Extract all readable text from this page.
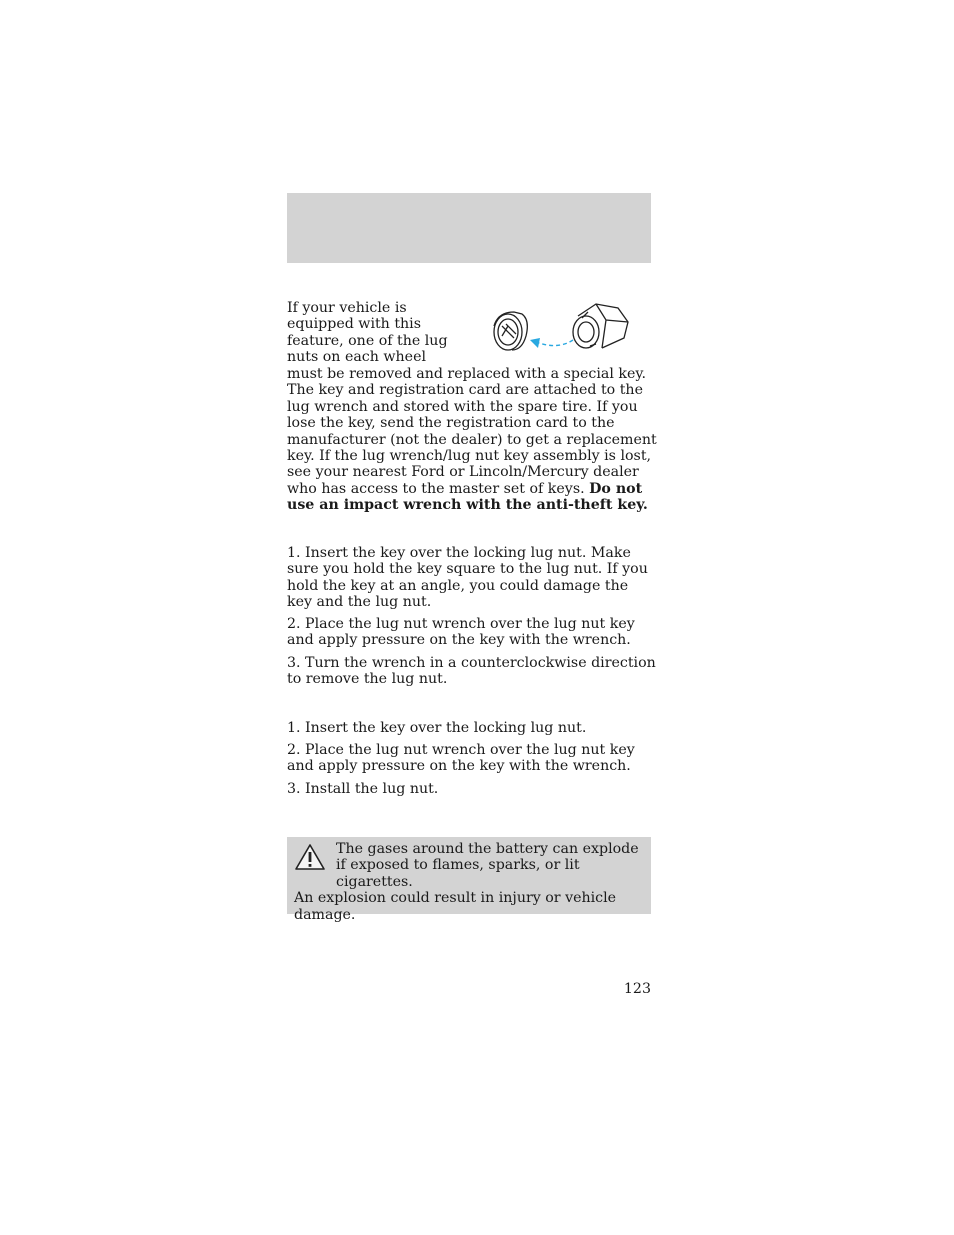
If your vehicle is
equipped with this
feature, one of the lug
nuts on each wheel
must be removed and replaced with a special key. The key and registration card are attached to the lug wrench and stored with the spare tire. If you lose the key, send the registration card to the manufacturer (not the dealer) to get a replacement key. If the lug wrench/lug nut key assembly is lost, see your nearest Ford or Lincoln/Mercury dealer who has access to the master set of keys. Do not use an impact wrench with the anti-theft key.
1. Insert the key over the locking lug nut. Make sure you hold the key square to the lug nut. If you hold the key at an angle, you could damage the key and the lug nut.
2. Place the lug nut wrench over the lug nut key and apply pressure on the key with the wrench.
3. Turn the wrench in a counterclockwise direction to remove the lug nut.
1. Insert the key over the locking lug nut.
2. Place the lug nut wrench over the lug nut key and apply pressure on the key with the wrench.
3. Install the lug nut.
The gases around the battery can explode if exposed to flames, sparks, or lit cigarettes.
An explosion could result in injury or vehicle damage.
123
